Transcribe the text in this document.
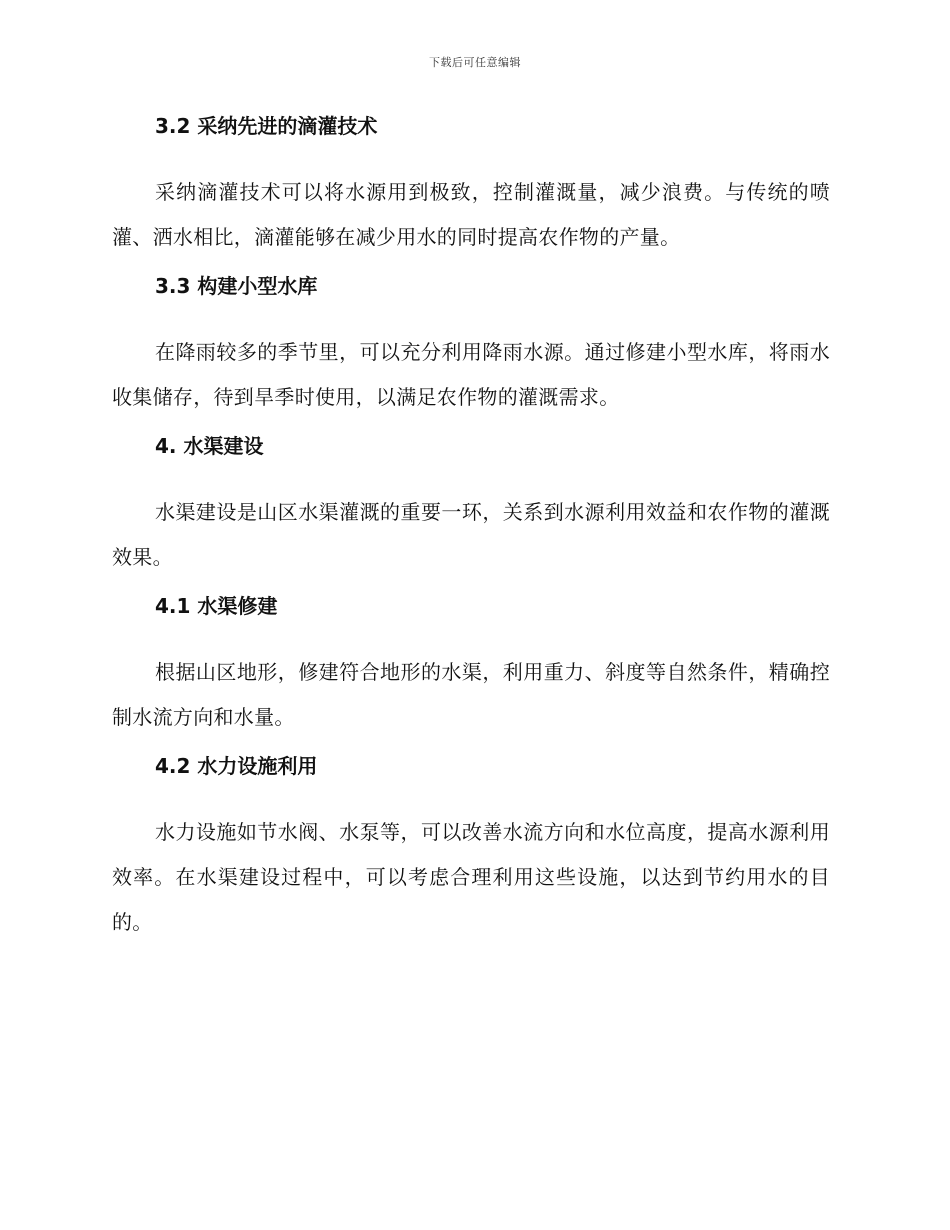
下载后可任意编辑
3.2 采纳先进的滴灌技术

采纳滴灌技术可以将水源用到极致，控制灌溉量，减少浪费。与传统的喷灌、洒水相比，滴灌能够在减少用水的同时提高农作物的产量。

3.3 构建小型水库

在降雨较多的季节里，可以充分利用降雨水源。通过修建小型水库，将雨水收集储存，待到旱季时使用，以满足农作物的灌溉需求。

4. 水渠建设

水渠建设是山区水渠灌溉的重要一环，关系到水源利用效益和农作物的灌溉效果。

4.1 水渠修建

根据山区地形，修建符合地形的水渠，利用重力、斜度等自然条件，精确控制水流方向和水量。

4.2 水力设施利用

水力设施如节水阀、水泵等，可以改善水流方向和水位高度，提高水源利用效率。在水渠建设过程中，可以考虑合理利用这些设施，以达到节约用水的目的。
